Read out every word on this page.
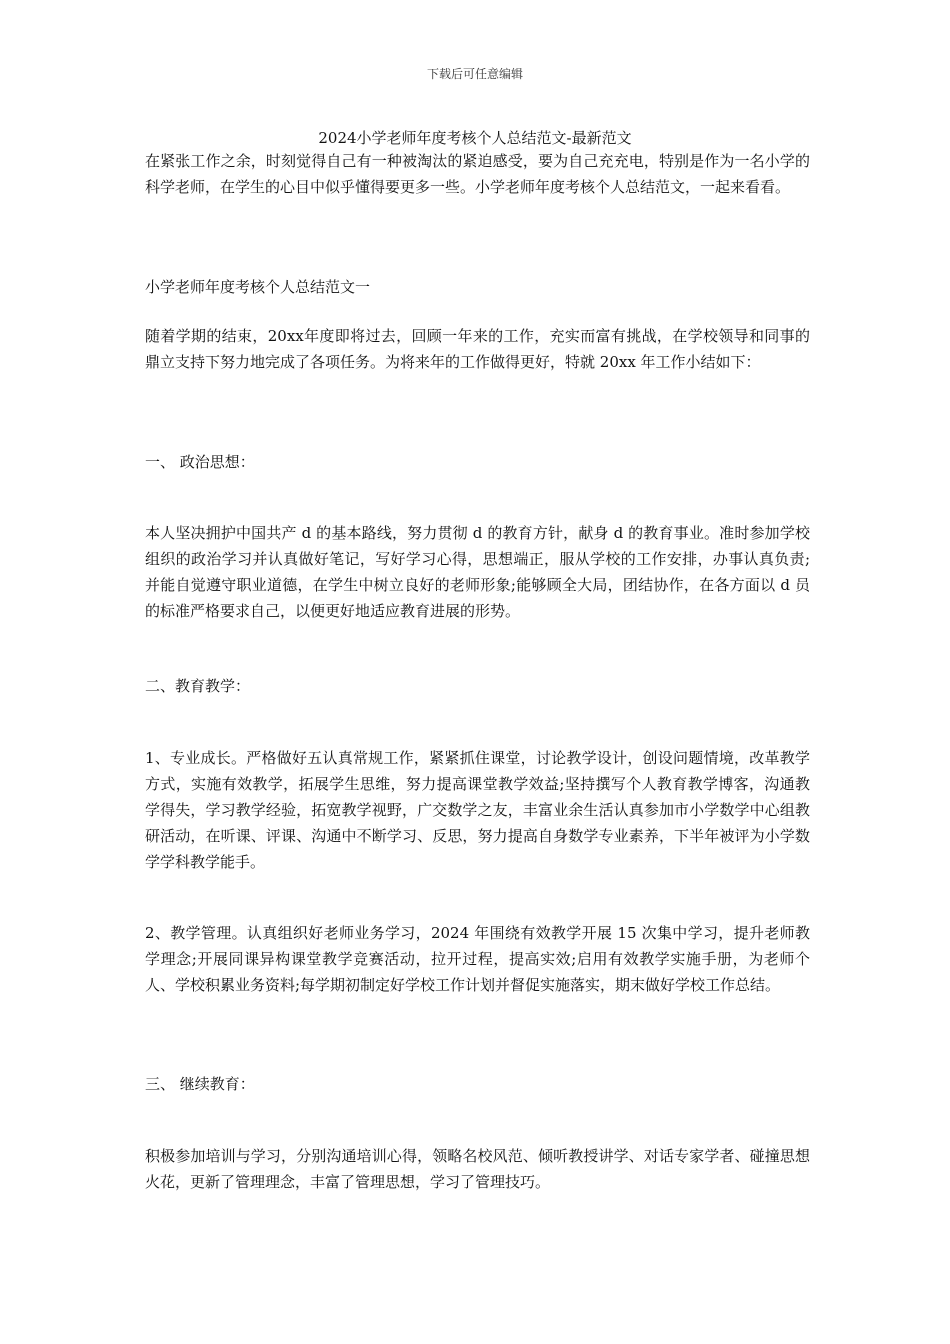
下载后可任意编辑
2024小学老师年度考核个人总结范文-最新范文

在紧张工作之余，时刻觉得自己有一种被淘汰的紧迫感受，要为自己充充电，特别是作为一名小学的科学老师，在学生的心目中似乎懂得要更多一些。小学老师年度考核个人总结范文，一起来看看。

小学老师年度考核个人总结范文一

随着学期的结束，20xx年度即将过去，回顾一年来的工作，充实而富有挑战，在学校领导和同事的鼎立支持下努力地完成了各项任务。为将来年的工作做得更好，特就 20xx 年工作小结如下：

一、 政治思想：

本人坚决拥护中国共产 d 的基本路线，努力贯彻 d 的教育方针，献身 d 的教育事业。准时参加学校组织的政治学习并认真做好笔记，写好学习心得，思想端正，服从学校的工作安排，办事认真负责;并能自觉遵守职业道德，在学生中树立良好的老师形象;能够顾全大局，团结协作，在各方面以 d 员的标准严格要求自己，以便更好地适应教育进展的形势。

二、教育教学：

1、专业成长。严格做好五认真常规工作，紧紧抓住课堂，讨论教学设计，创设问题情境，改革教学方式，实施有效教学，拓展学生思维，努力提高课堂教学效益;坚持撰写个人教育教学博客，沟通教学得失，学习教学经验，拓宽教学视野，广交数学之友，丰富业余生活认真参加市小学数学中心组教研活动，在听课、评课、沟通中不断学习、反思，努力提高自身数学专业素养，下半年被评为小学数学学科教学能手。

2、教学管理。认真组织好老师业务学习，2024 年围绕有效教学开展 15 次集中学习，提升老师教学理念;开展同课异构课堂教学竞赛活动，拉开过程，提高实效;启用有效教学实施手册，为老师个人、学校积累业务资料;每学期初制定好学校工作计划并督促实施落实，期末做好学校工作总结。

三、 继续教育：

积极参加培训与学习，分别沟通培训心得，领略名校风范、倾听教授讲学、对话专家学者、碰撞思想火花，更新了管理理念，丰富了管理思想，学习了管理技巧。
